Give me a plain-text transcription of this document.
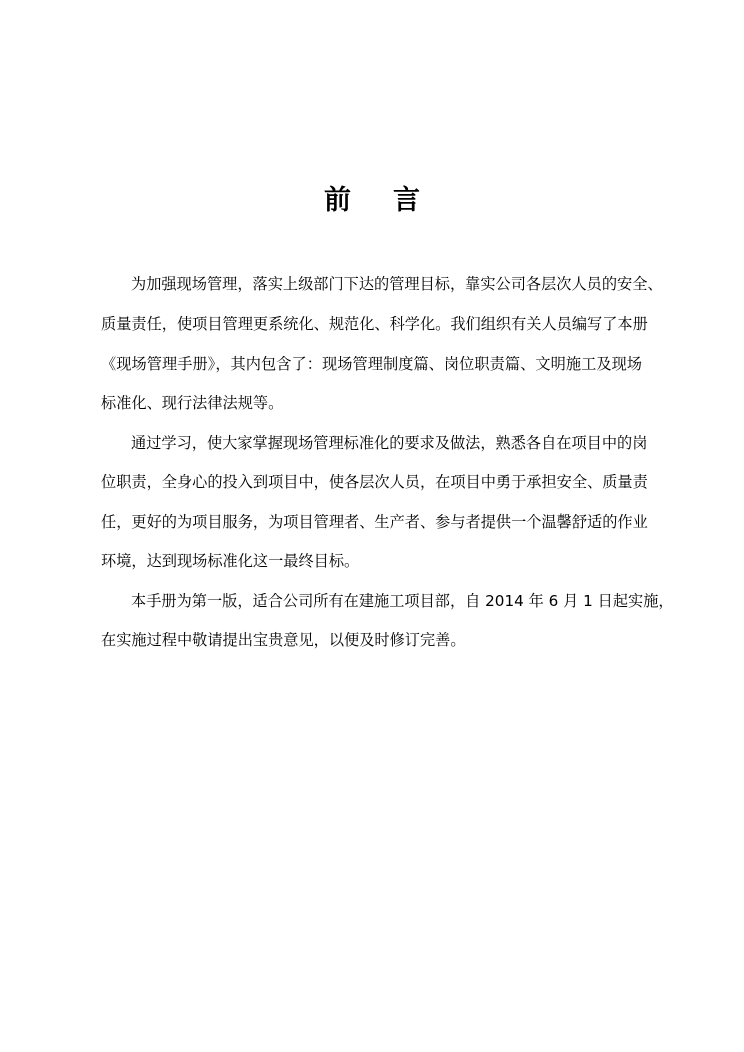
前 言
为加强现场管理，落实上级部门下达的管理目标，靠实公司各层次人员的安全、
质量责任，使项目管理更系统化、规范化、科学化。我们组织有关人员编写了本册
《现场管理手册》，其内包含了：现场管理制度篇、岗位职责篇、文明施工及现场
标准化、现行法律法规等。
通过学习，使大家掌握现场管理标准化的要求及做法，熟悉各自在项目中的岗
位职责，全身心的投入到项目中，使各层次人员，在项目中勇于承担安全、质量责
任，更好的为项目服务，为项目管理者、生产者、参与者提供一个温馨舒适的作业
环境，达到现场标准化这一最终目标。
本手册为第一版，适合公司所有在建施工项目部，自 2014 年 6 月 1 日起实施，
在实施过程中敬请提出宝贵意见，以便及时修订完善。
